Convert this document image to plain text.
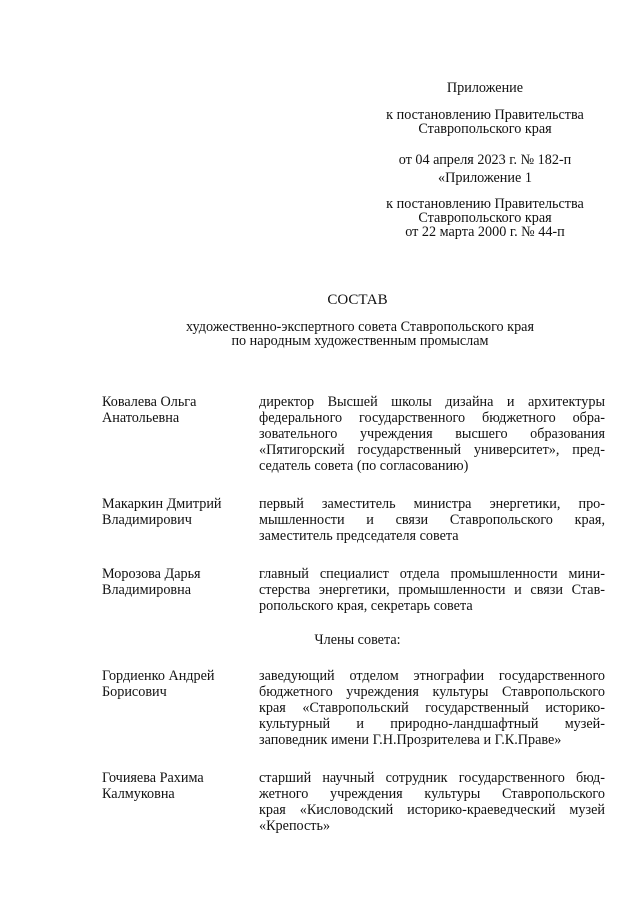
Приложение
к постановлению Правительства
Ставропольского края
от 04 апреля 2023 г. № 182-п
«Приложение 1
к постановлению Правительства
Ставропольского края
от 22 марта 2000 г. № 44-п
СОСТАВ
художественно-экспертного совета Ставропольского края
по народным художественным промыслам
Ковалева Ольга
Анатольевна
директор Высшей школы дизайна и архитектуры
федерального государственного бюджетного обра-
зовательного учреждения высшего образования
«Пятигорский государственный университет», пред-
седатель совета (по согласованию)
Макаркин Дмитрий
Владимирович
первый заместитель министра энергетики, про-
мышленности и связи Ставропольского края,
заместитель председателя совета
Морозова Дарья
Владимировна
главный специалист отдела промышленности мини-
стерства энергетики, промышленности и связи Став-
ропольского края, секретарь совета
Члены совета:
Гордиенко Андрей
Борисович
заведующий отделом этнографии государственного
бюджетного учреждения культуры Ставропольского
края «Ставропольский государственный историко-
культурный и природно-ландшафтный музей-
заповедник имени Г.Н.Прозрителева и Г.К.Праве»
Гочияева Рахима
Калмуковна
старший научный сотрудник государственного бюд-
жетного учреждения культуры Ставропольского
края «Кисловодский историко-краеведческий музей
«Крепость»
